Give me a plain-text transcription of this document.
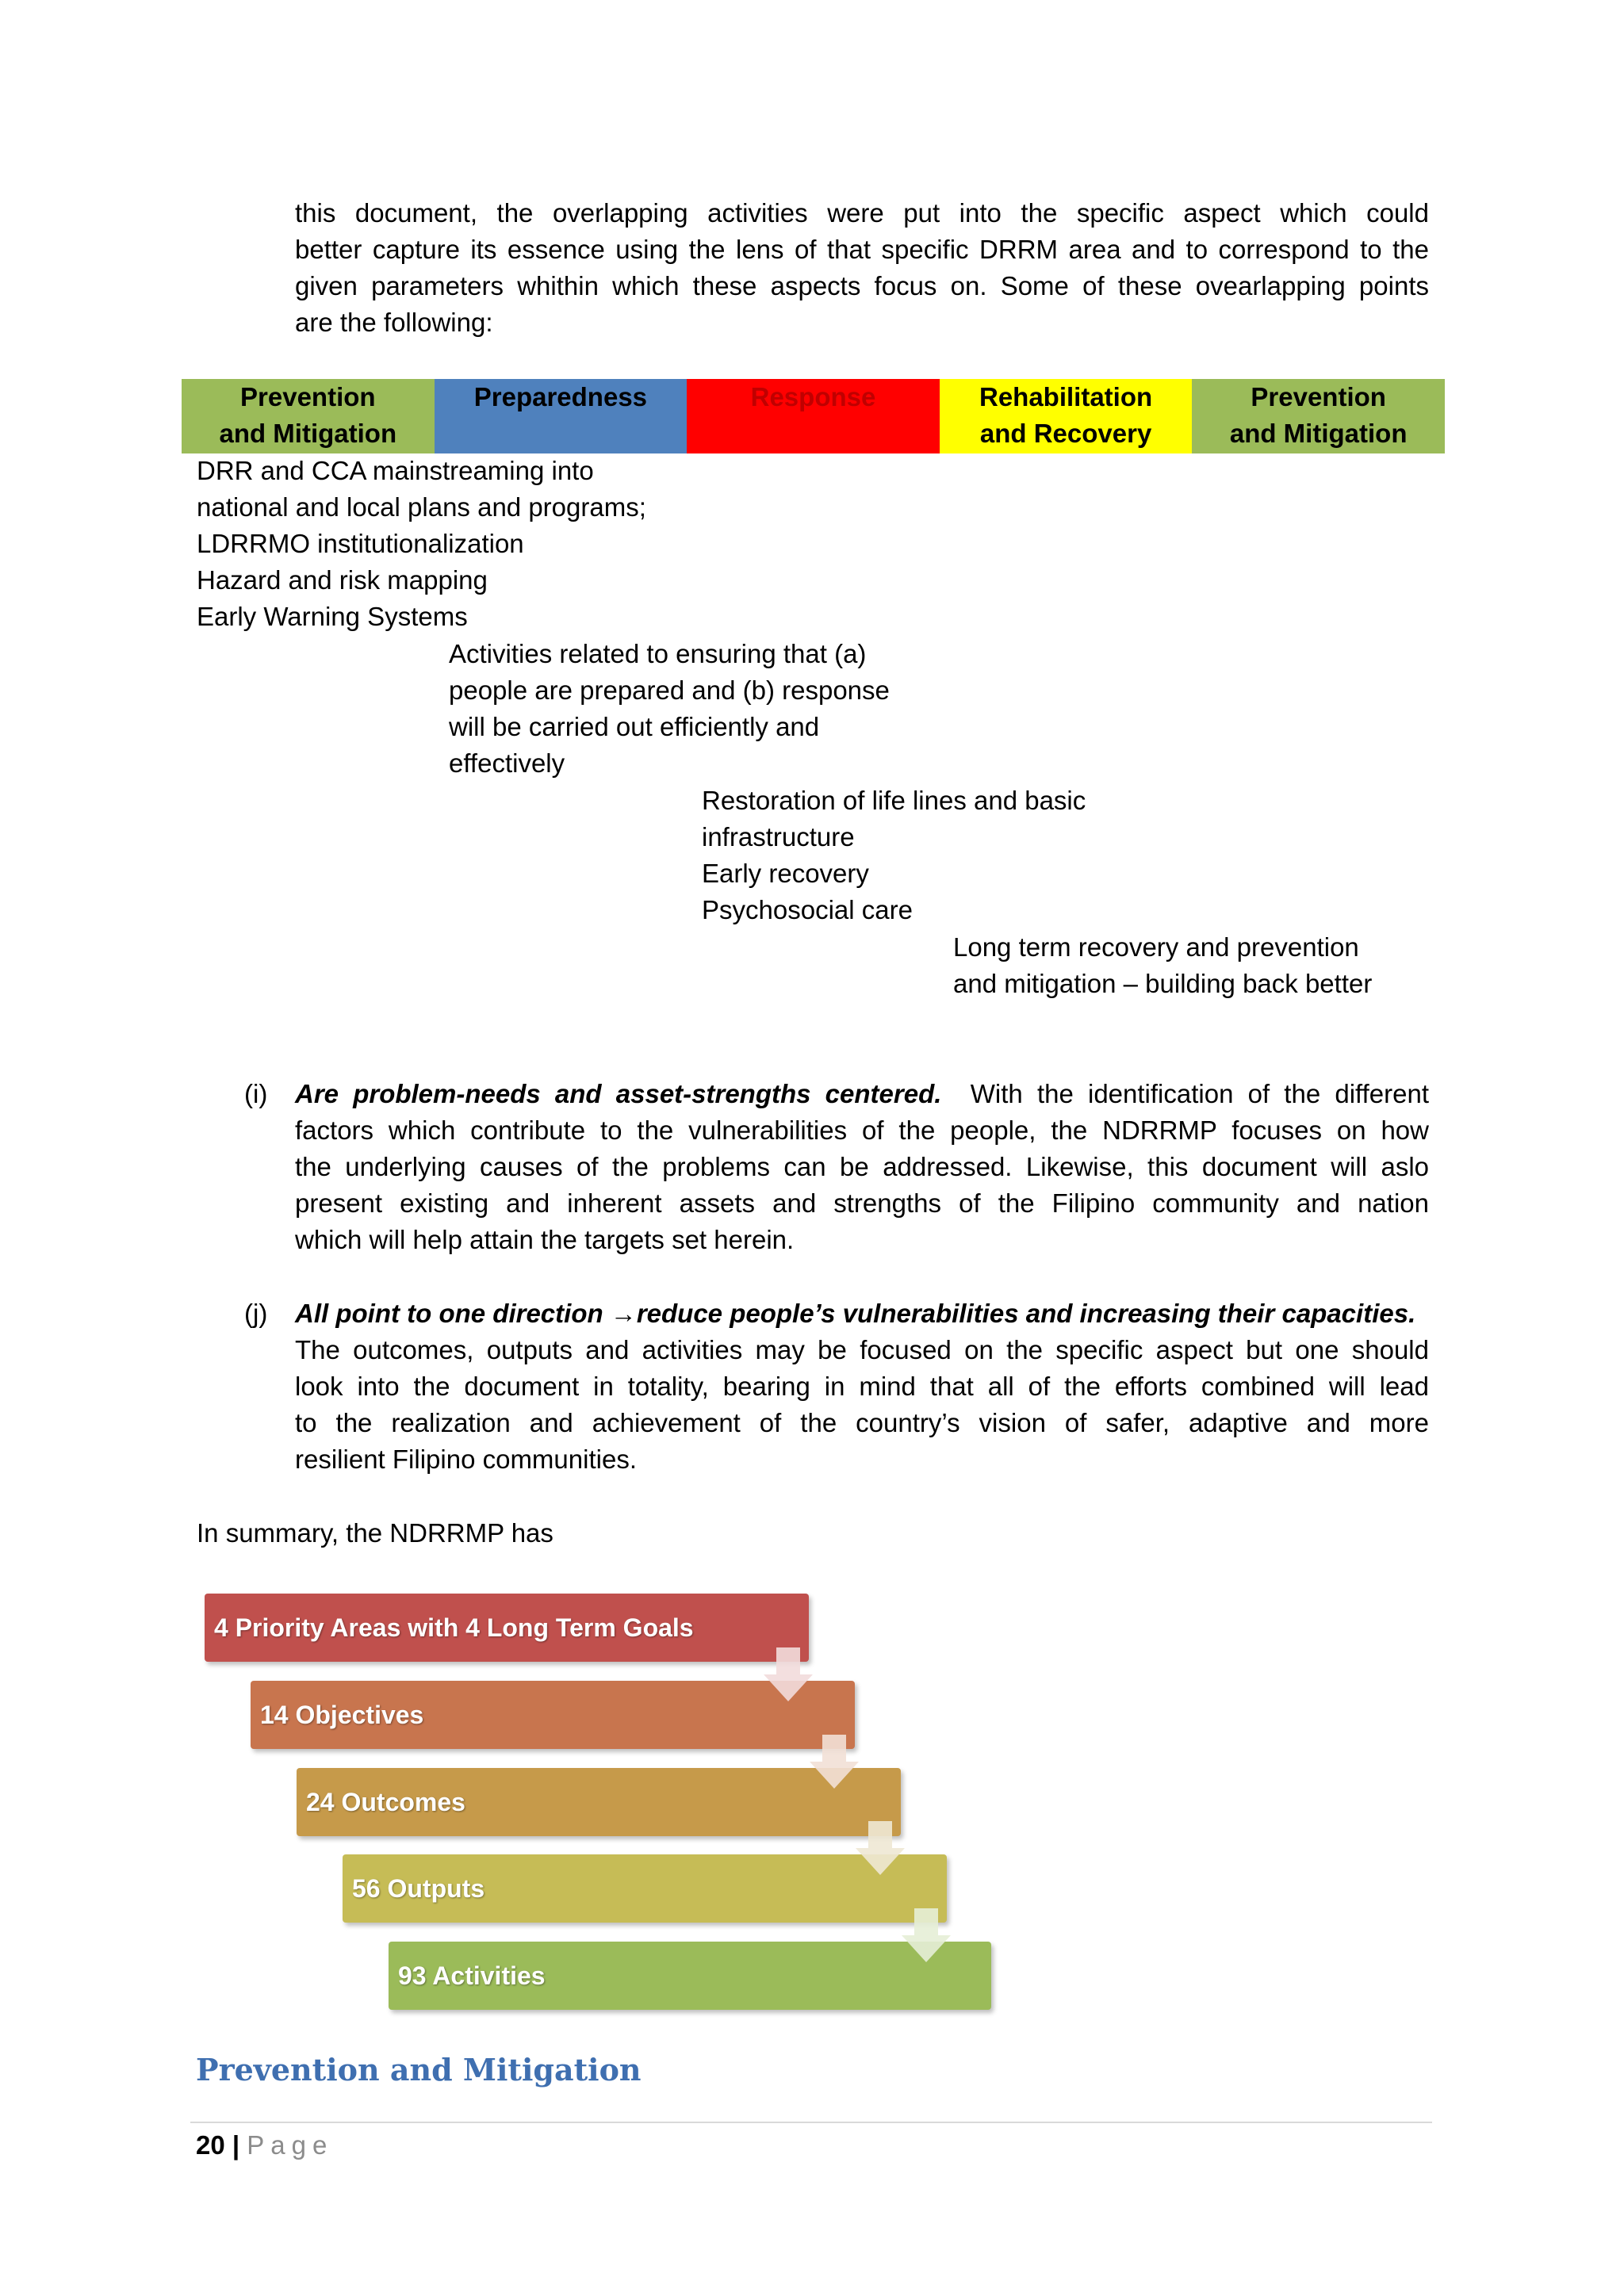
this document, the overlapping activities were put into the specific aspect which could
better capture its essence using the lens of that specific DRRM area and to correspond to the
given parameters whithin which these aspects focus on. Some of these ovearlapping points
are the following:
Prevention and Mitigation
Preparedness	Response	Rehabilitation and Recovery
Prevention and Mitigation
DRR and CCA mainstreaming into
national and local plans and programs;
LDRRMO institutionalization
Hazard and risk mapping
Early Warning Systems
Activities related to ensuring that (a)
people are prepared and (b) response
will be carried out efficiently and
effectively
Restoration of life lines and basic
infrastructure
Early recovery
Psychosocial care
Long term recovery and prevention
and mitigation – building back better
(i) Are problem-needs and asset-strengths centered. With the identification of the different
factors which contribute to the vulnerabilities of the people, the NDRRMP focuses on how
the underlying causes of the problems can be addressed. Likewise, this document will aslo
present existing and inherent assets and strengths of the Filipino community and nation
which will help attain the targets set herein.
(j) All point to one direction →reduce people’s vulnerabilities and increasing their capacities.
The outcomes, outputs and activities may be focused on the specific aspect but one should
look into the document in totality, bearing in mind that all of the efforts combined will lead
to the realization and achievement of the country’s vision of safer, adaptive and more
resilient Filipino communities.
In summary, the NDRRMP has
4 Priority Areas with 4 Long Term Goals
14 Objectives
24 Outcomes
56 Outputs
93 Activities
Prevention and Mitigation
20 | Page
